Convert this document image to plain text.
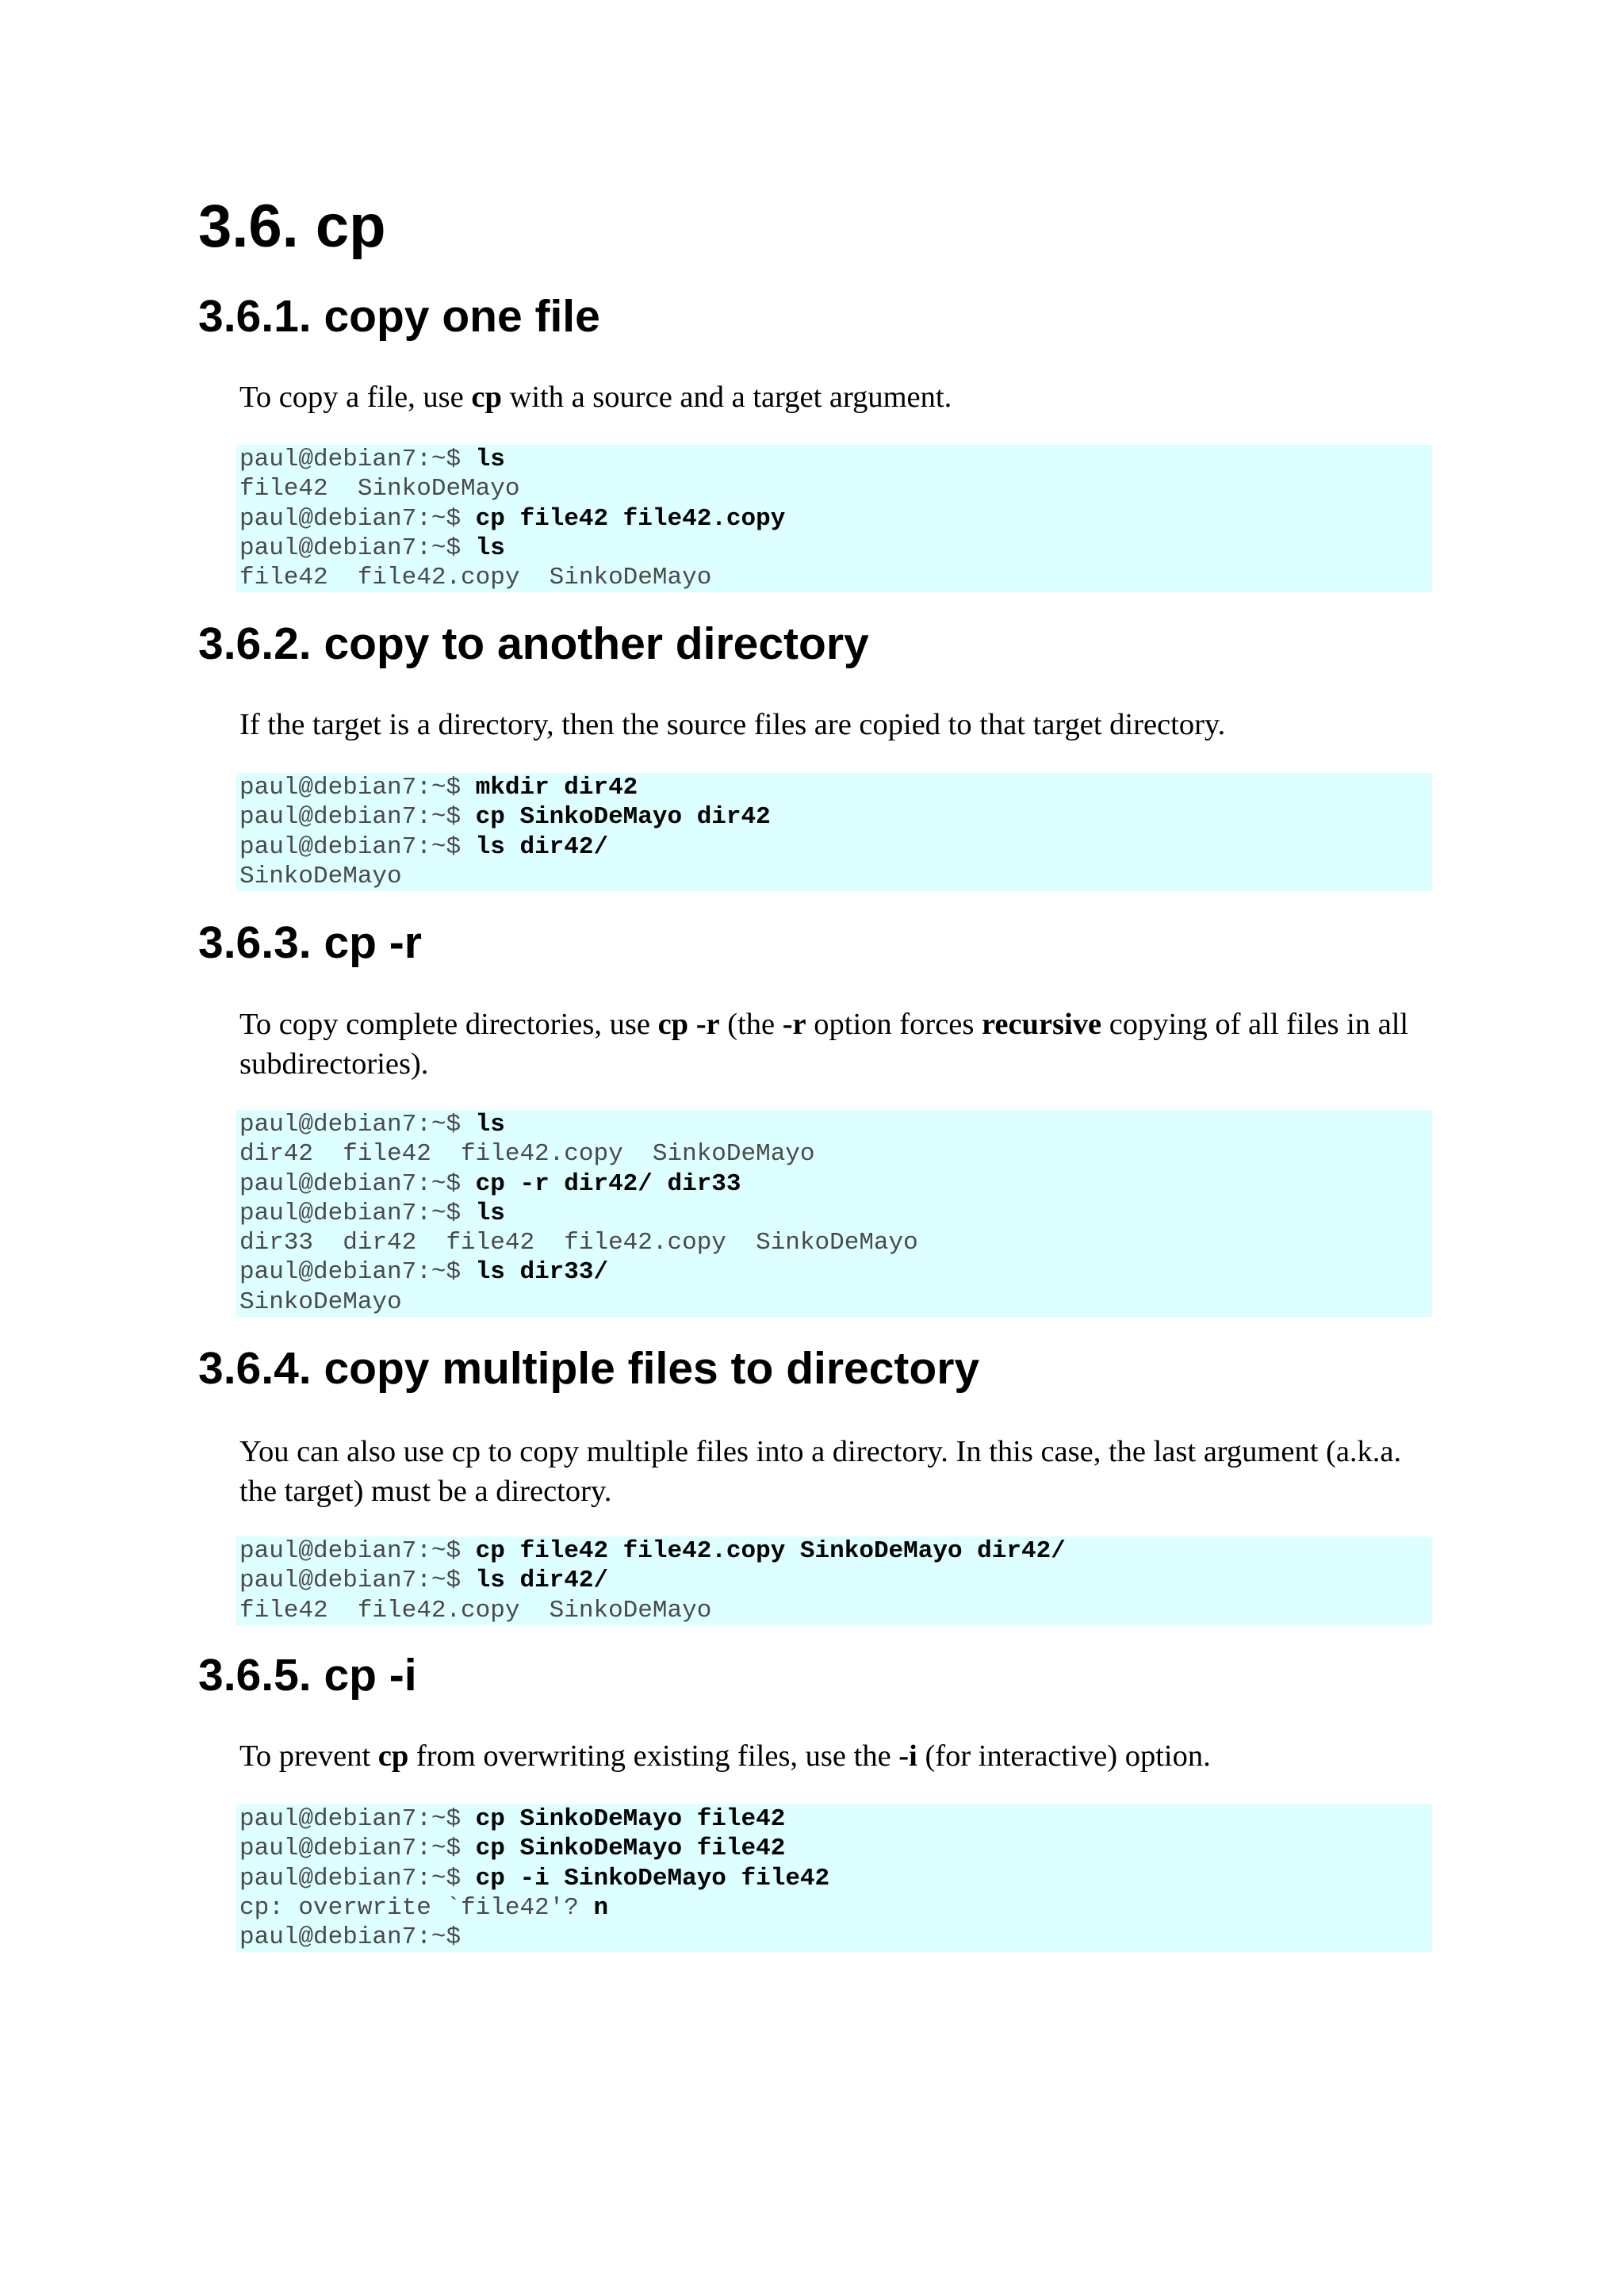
3.6. cp
3.6.1. copy one file

To copy a file, use cp with a source and a target argument.

paul@debian7:~$ ls
file42  SinkoDeMayo
paul@debian7:~$ cp file42 file42.copy
paul@debian7:~$ ls
file42  file42.copy  SinkoDeMayo
3.6.2. copy to another directory

If the target is a directory, then the source files are copied to that target directory.

paul@debian7:~$ mkdir dir42
paul@debian7:~$ cp SinkoDeMayo dir42
paul@debian7:~$ ls dir42/
SinkoDeMayo
3.6.3. cp -r

To copy complete directories, use cp -r (the -r option forces recursive copying of all files in all subdirectories).

paul@debian7:~$ ls
dir42  file42  file42.copy  SinkoDeMayo
paul@debian7:~$ cp -r dir42/ dir33
paul@debian7:~$ ls
dir33  dir42  file42  file42.copy  SinkoDeMayo
paul@debian7:~$ ls dir33/
SinkoDeMayo
3.6.4. copy multiple files to directory

You can also use cp to copy multiple files into a directory. In this case, the last argument (a.k.a. the target) must be a directory.

paul@debian7:~$ cp file42 file42.copy SinkoDeMayo dir42/
paul@debian7:~$ ls dir42/
file42  file42.copy  SinkoDeMayo
3.6.5. cp -i

To prevent cp from overwriting existing files, use the -i (for interactive) option.

paul@debian7:~$ cp SinkoDeMayo file42
paul@debian7:~$ cp SinkoDeMayo file42
paul@debian7:~$ cp -i SinkoDeMayo file42
cp: overwrite `file42'? n
paul@debian7:~$
